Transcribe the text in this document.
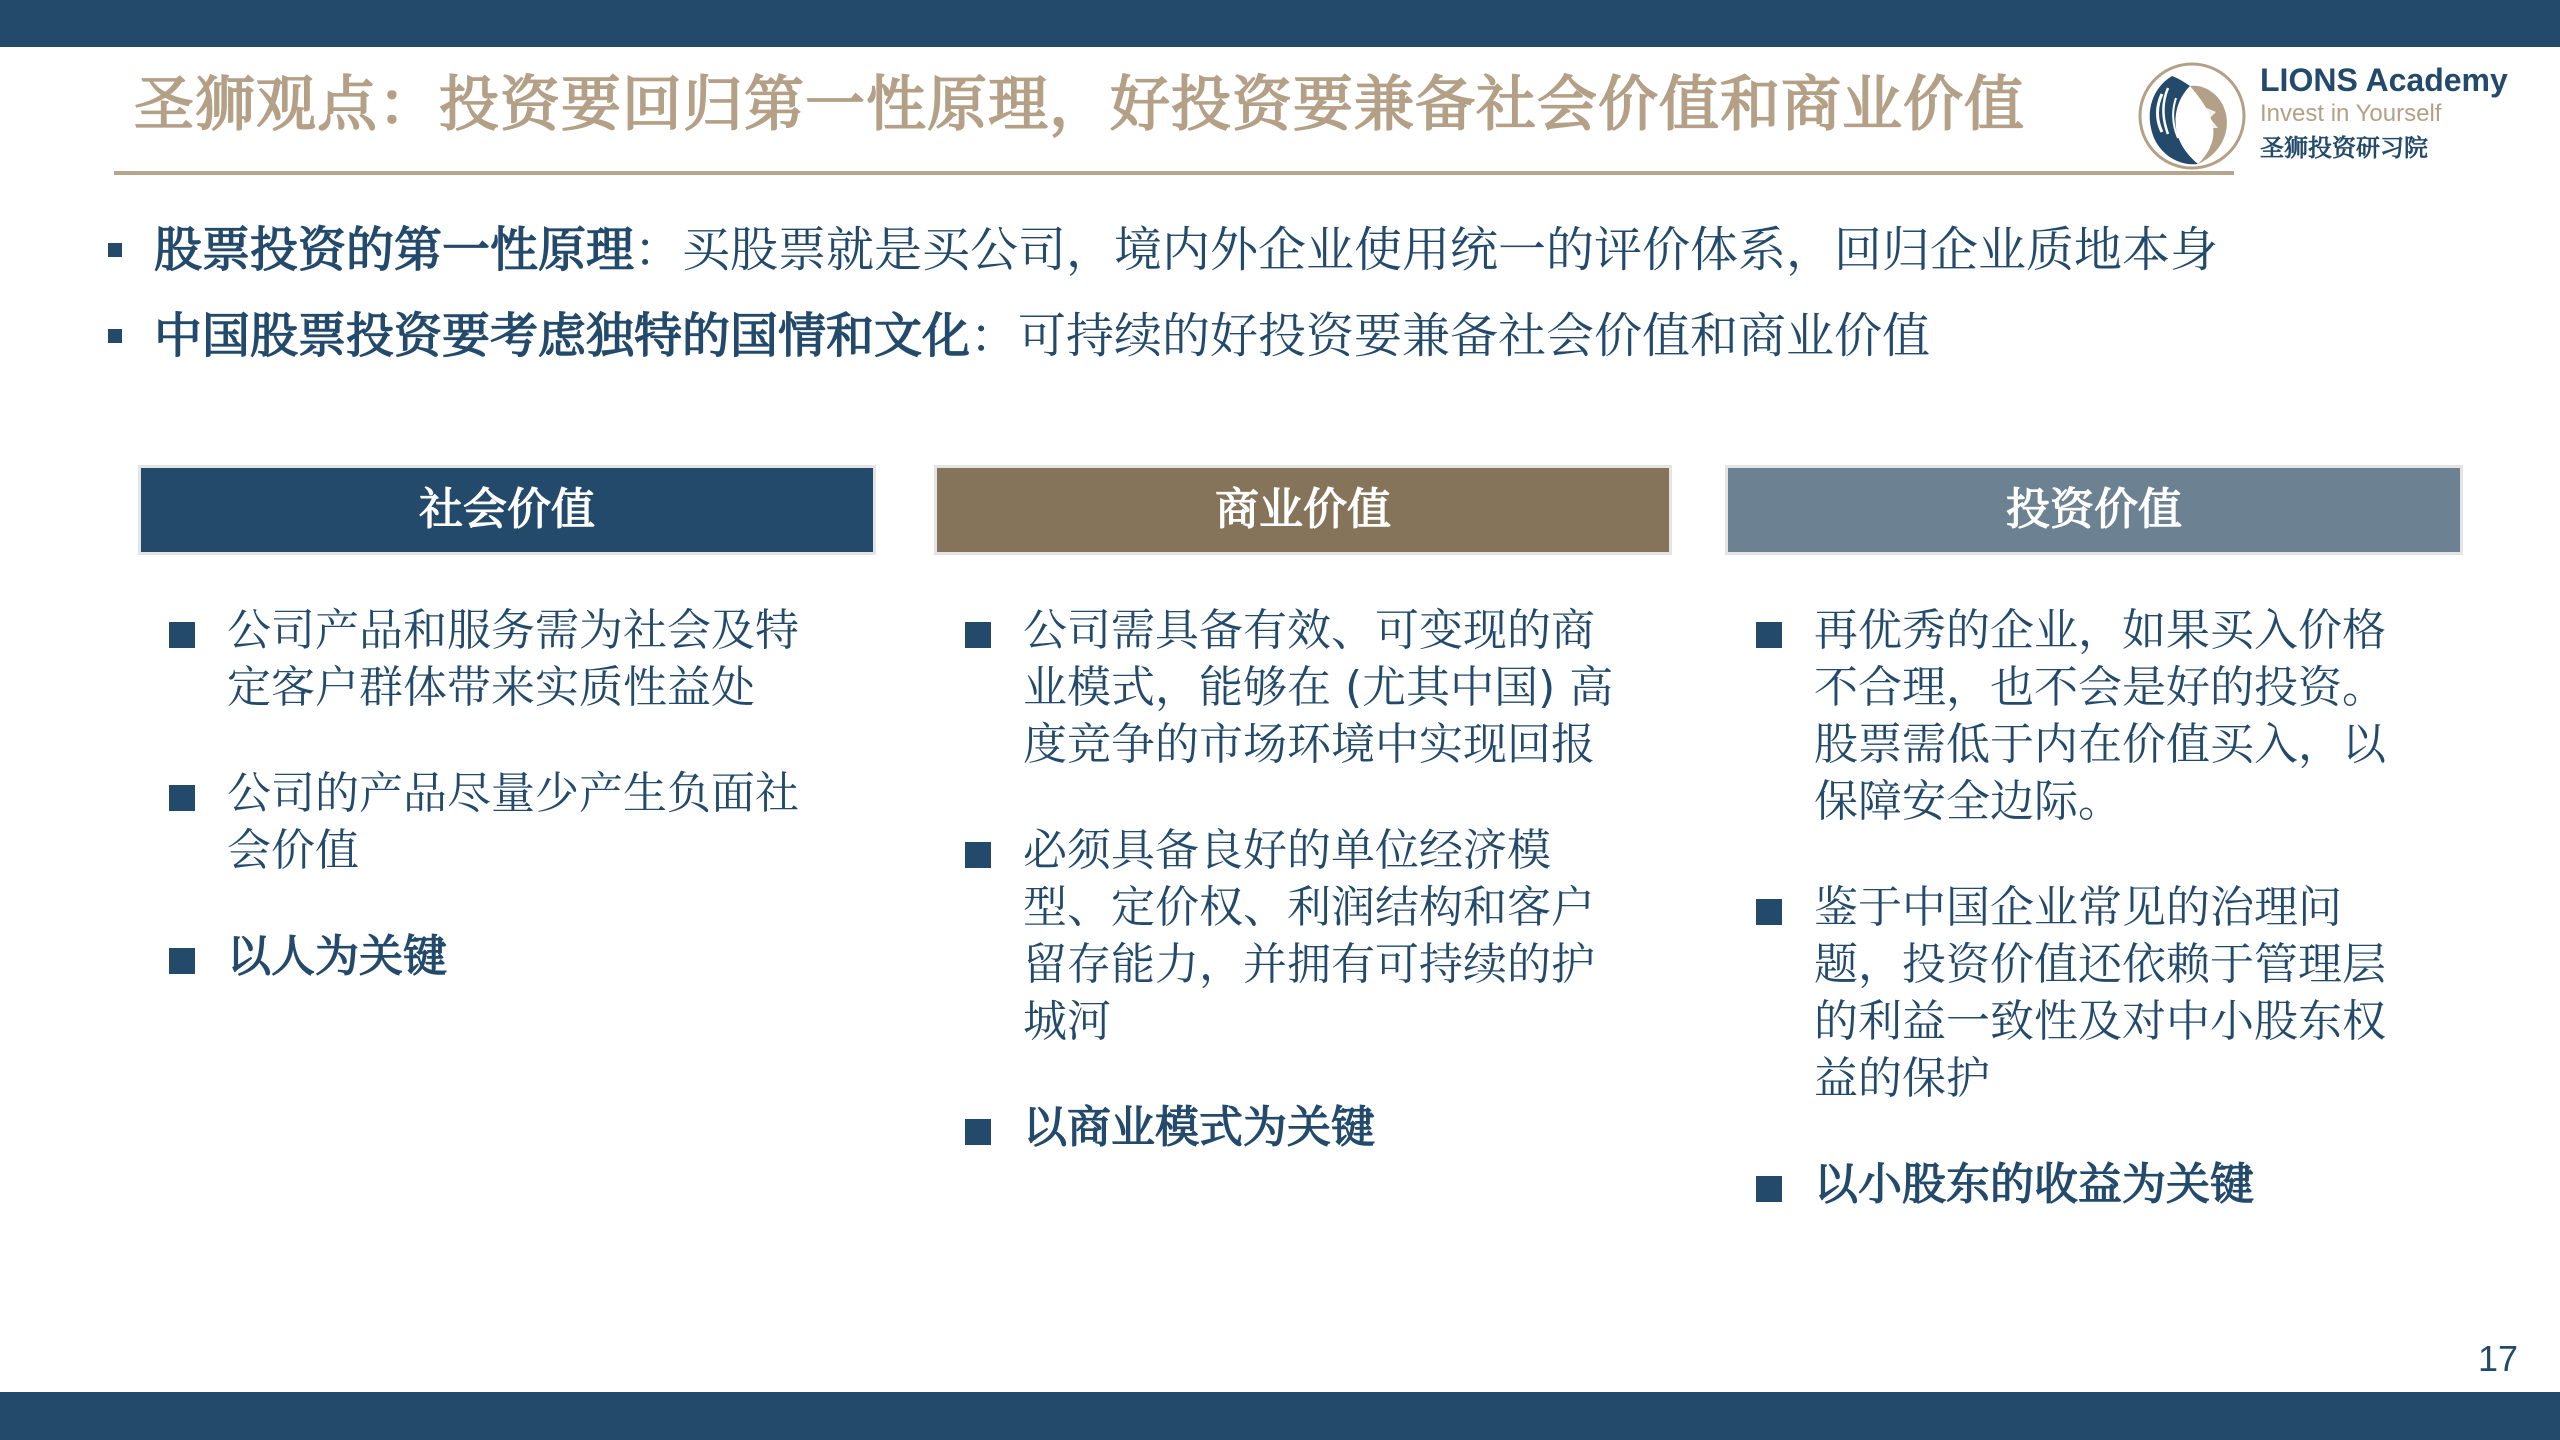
圣狮观点：投资要回归第一性原理，好投资要兼备社会价值和商业价值	LIONS Academy
Invest in Yourself
圣狮投资研习院
股票投资的第一性原理：买股票就是买公司，境内外企业使用统一的评价体系，回归企业质地本身
中国股票投资要考虑独特的国情和文化：可持续的好投资要兼备社会价值和商业价值
社会价值
公司产品和服务需为社会及特定客户群体带来实质性益处
公司的产品尽量少产生负面社会价值
以人为关键
商业价值
公司需具备有效、可变现的商业模式，能够在 (尤其中国) 高度竞争的市场环境中实现回报
必须具备良好的单位经济模型、定价权、利润结构和客户留存能力，并拥有可持续的护城河
以商业模式为关键
投资价值
再优秀的企业，如果买入价格不合理，也不会是好的投资。股票需低于内在价值买入，以保障安全边际。
鉴于中国企业常见的治理问题，投资价值还依赖于管理层的利益一致性及对中小股东权益的保护
以小股东的收益为关键
17
